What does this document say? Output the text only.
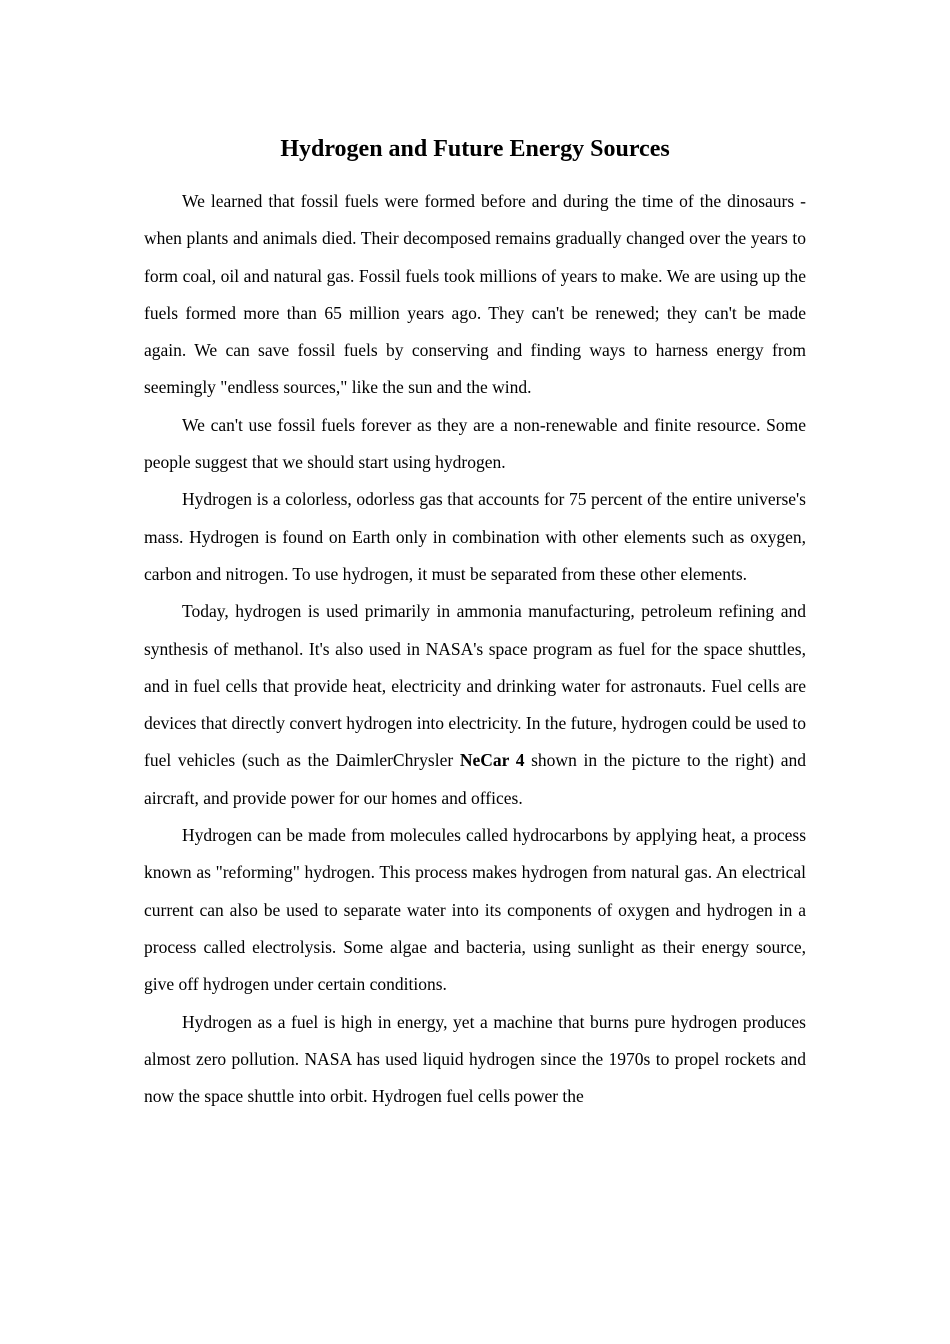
Hydrogen and Future Energy Sources

We learned that fossil fuels were formed before and during the time of the dinosaurs - when plants and animals died. Their decomposed remains gradually changed over the years to form coal, oil and natural gas. Fossil fuels took millions of years to make. We are using up the fuels formed more than 65 million years ago. They can't be renewed; they can't be made again. We can save fossil fuels by conserving and finding ways to harness energy from seemingly "endless sources," like the sun and the wind.

We can't use fossil fuels forever as they are a non-renewable and finite resource. Some people suggest that we should start using hydrogen.

Hydrogen is a colorless, odorless gas that accounts for 75 percent of the entire universe's mass. Hydrogen is found on Earth only in combination with other elements such as oxygen, carbon and nitrogen. To use hydrogen, it must be separated from these other elements.

Today, hydrogen is used primarily in ammonia manufacturing, petroleum refining and synthesis of methanol. It's also used in NASA's space program as fuel for the space shuttles, and in fuel cells that provide heat, electricity and drinking water for astronauts. Fuel cells are devices that directly convert hydrogen into electricity. In the future, hydrogen could be used to fuel vehicles (such as the DaimlerChrysler NeCar 4 shown in the picture to the right) and aircraft, and provide power for our homes and offices.

Hydrogen can be made from molecules called hydrocarbons by applying heat, a process known as "reforming" hydrogen. This process makes hydrogen from natural gas. An electrical current can also be used to separate water into its components of oxygen and hydrogen in a process called electrolysis. Some algae and bacteria, using sunlight as their energy source, give off hydrogen under certain conditions.

Hydrogen as a fuel is high in energy, yet a machine that burns pure hydrogen produces almost zero pollution. NASA has used liquid hydrogen since the 1970s to propel rockets and now the space shuttle into orbit. Hydrogen fuel cells power the
